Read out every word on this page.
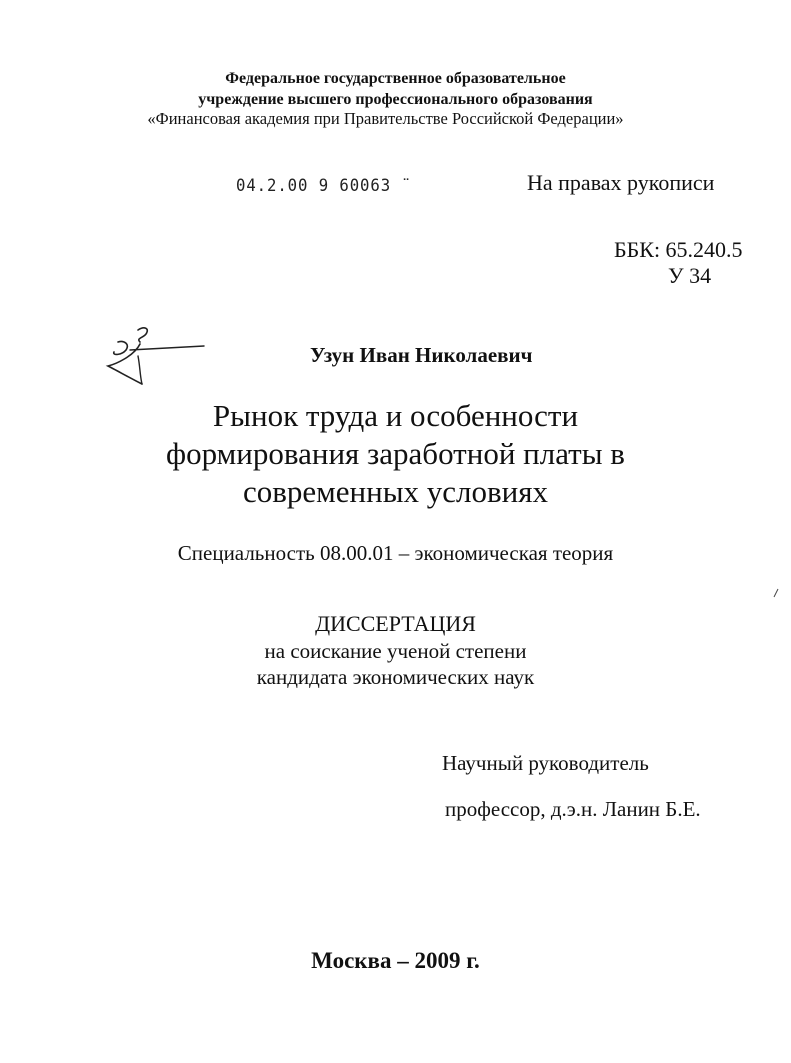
Федеральное государственное образовательное
учреждение высшего профессионального образования
«Финансовая академия при Правительстве Российской Федерации»
04.2.00 9 60063 ¨	На правах рукописи
ББК: 65.240.5
У 34
Узун Иван Николаевич
Рынок труда и особенности
формирования заработной платы в
современных условиях
Специальность 08.00.01 – экономическая теория
ДИССЕРТАЦИЯ
на соискание ученой степени
кандидата экономических наук
Научный руководитель
профессор, д.э.н. Ланин Б.Е.
Москва – 2009 г.
